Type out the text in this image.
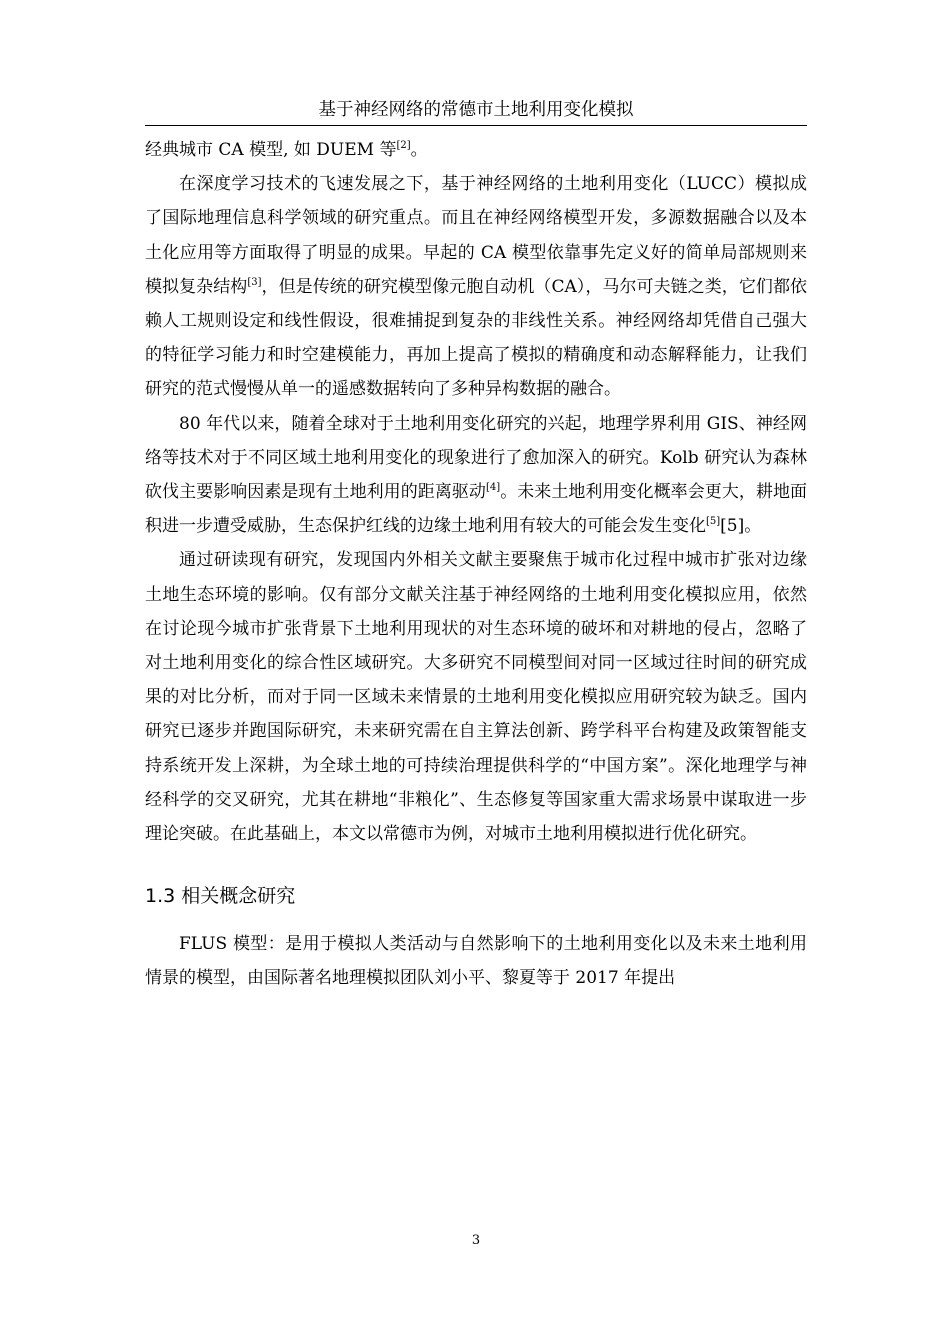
基于神经网络的常德市土地利用变化模拟

经典城市 CA 模型, 如 DUEM 等[2]。

在深度学习技术的飞速发展之下，基于神经网络的土地利用变化（LUCC）模拟成了国际地理信息科学领域的研究重点。而且在神经网络模型开发，多源数据融合以及本土化应用等方面取得了明显的成果。早起的 CA 模型依靠事先定义好的简单局部规则来模拟复杂结构[3]，但是传统的研究模型像元胞自动机（CA），马尔可夫链之类，它们都依赖人工规则设定和线性假设，很难捕捉到复杂的非线性关系。神经网络却凭借自己强大的特征学习能力和时空建模能力，再加上提高了模拟的精确度和动态解释能力，让我们研究的范式慢慢从单一的遥感数据转向了多种异构数据的融合。

80 年代以来，随着全球对于土地利用变化研究的兴起，地理学界利用 GIS、神经网络等技术对于不同区域土地利用变化的现象进行了愈加深入的研究。Kolb 研究认为森林砍伐主要影响因素是现有土地利用的距离驱动[4]。未来土地利用变化概率会更大，耕地面积进一步遭受威胁，生态保护红线的边缘土地利用有较大的可能会发生变化[5][5]。

通过研读现有研究，发现国内外相关文献主要聚焦于城市化过程中城市扩张对边缘土地生态环境的影响。仅有部分文献关注基于神经网络的土地利用变化模拟应用，依然在讨论现今城市扩张背景下土地利用现状的对生态环境的破坏和对耕地的侵占，忽略了对土地利用变化的综合性区域研究。大多研究不同模型间对同一区域过往时间的研究成果的对比分析，而对于同一区域未来情景的土地利用变化模拟应用研究较为缺乏。国内研究已逐步并跑国际研究，未来研究需在自主算法创新、跨学科平台构建及政策智能支持系统开发上深耕，为全球土地的可持续治理提供科学的“中国方案”。深化地理学与神经科学的交叉研究，尤其在耕地“非粮化”、生态修复等国家重大需求场景中谋取进一步理论突破。在此基础上，本文以常德市为例，对城市土地利用模拟进行优化研究。

1.3 相关概念研究

FLUS 模型：是用于模拟人类活动与自然影响下的土地利用变化以及未来土地利用情景的模型，由国际著名地理模拟团队刘小平、黎夏等于 2017 年提出

3
